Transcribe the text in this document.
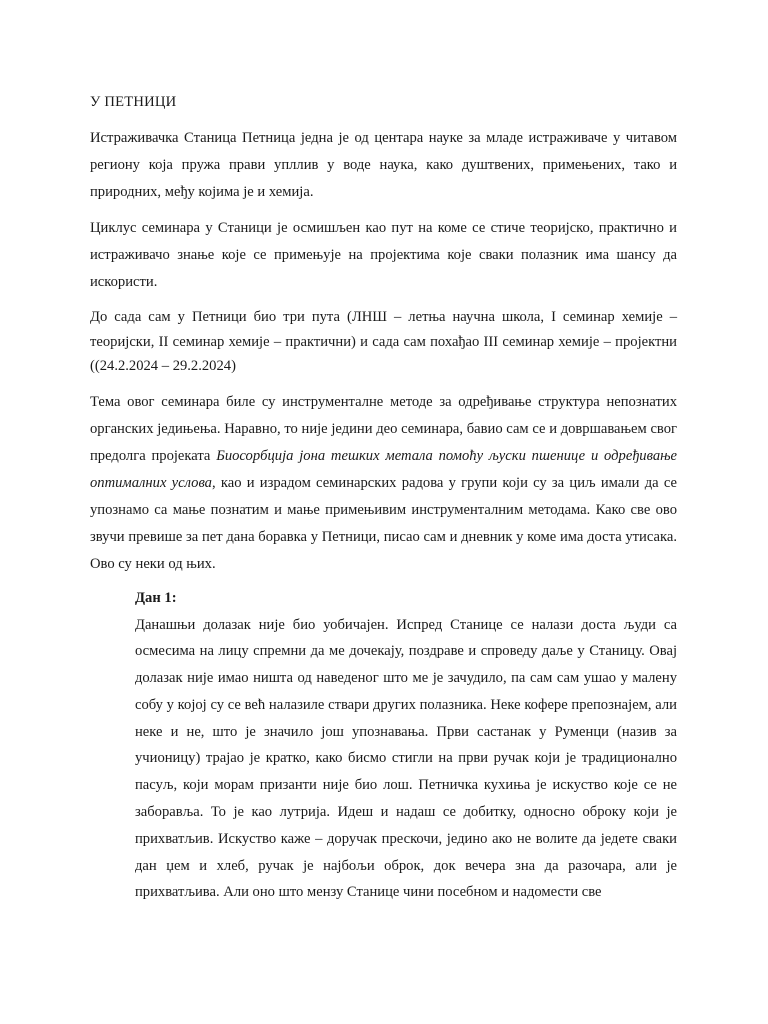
У ПЕТНИЦИ

Истраживачка Станица Петница једна је од центара науке за младе истраживаче у читавом региону која пружа прави упллив у воде наука, како душтвених, примењених, тако и природних, међу којима је и хемија.

Циклус семинара у Станици је осмишљен као пут на коме се стиче теоријско, практично и истраживачо знање које се примењује на пројектима које сваки полазник има шансу да искористи.

До сада сам у Петници био три пута (ЛНШ – летња научна школа, I семинар хемије – теоријски, II семинар хемије – практични) и сада сам похађао III семинар хемије – пројектни ((24.2.2024 – 29.2.2024)

Тема овог семинара биле су инструменталне методе за одређивање структура непознатих органских једињења. Наравно, то није једини део семинара, бавио сам се и довршавањем свог предолга пројеката Биосорбција јона тешких метала помоћу љуски пшенице и одређивање оптималних услова, као и израдом семинарских радова у групи који су за циљ имали да се упознамо са мање познатим и мање примењивим инструменталним методама. Како све ово звучи превише за пет дана боравка у Петници, писао сам и дневник у коме има доста утисака. Ово су неки од њих.

Дан 1:

Данашњи долазак није био уобичајен. Испред Станице се налази доста људи са осмесима на лицу спремни да ме дочекају, поздраве и спроведу даље у Станицу. Овај долазак није имао ништа од наведеног што ме је зачудило, па сам сам ушао у малену собу у којој су се већ налазиле ствари других полазника. Неке кофере препознајем, али неке и не, што је значило још упознавања. Први састанак у Руменци (назив за учионицу) трајао је кратко, како бисмо стигли на први ручак који је традиционално пасуљ, који морам призанти није био лош. Петничка кухиња је искуство које се не заборавља. То је као лутрија. Идеш и надаш се добитку, односно оброку који је прихватљив. Искуство каже – доручак прескочи, једино ако не волите да једете сваки дан џем и хлеб, ручак је најбољи оброк, док вечера зна да разочара, али је прихватљива. Али оно што мензу Станице чини посебном и надомести све
